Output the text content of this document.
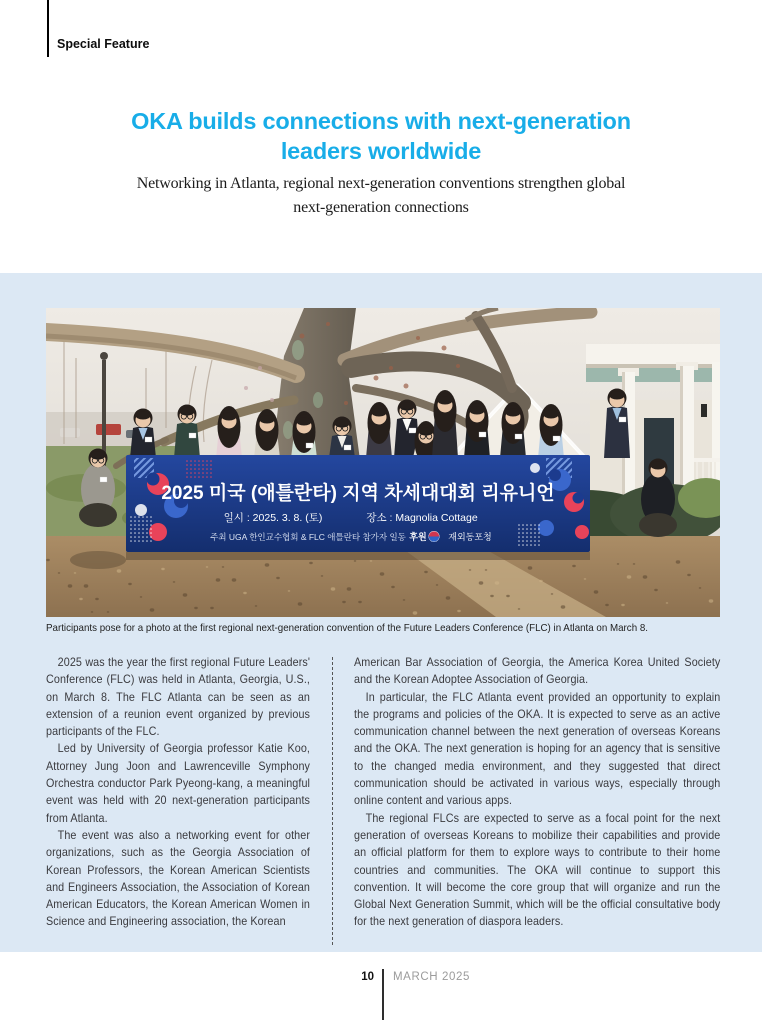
Special Feature
OKA builds connections with next-generation
leaders worldwide
Networking in Atlanta, regional next-generation conventions strengthen global
next-generation connections
2025 미국 (애틀란타) 지역 차세대대회 리유니언
일시 : 2025. 3. 8. (토)	장소 : Magnolia Cottage
주최 UGA 한인교수협회 & FLC 애틀란타 참가자 일동 후원 재외동포청
Participants pose for a photo at the first regional next-generation convention of the Future Leaders Conference (FLC) in Atlanta on March 8.

2025 was the year the first regional Future Leaders' Conference (FLC) was held in Atlanta, Georgia, U.S., on March 8. The FLC Atlanta can be seen as an extension of a reunion event organized by previous participants of the FLC.

Led by University of Georgia professor Katie Koo, Attorney Jung Joon and Lawrenceville Symphony Orchestra conductor Park Pyeong-kang, a meaningful event was held with 20 next-generation participants from Atlanta.

The event was also a networking event for other organizations, such as the Georgia Association of Korean Professors, the Korean American Scientists and Engineers Association, the Association of Korean American Educators, the Korean American Women in Science and Engineering association, the Korean

American Bar Association of Georgia, the America Korea United Society and the Korean Adoptee Association of Georgia.

In particular, the FLC Atlanta event provided an opportunity to explain the programs and policies of the OKA. It is expected to serve as an active communication channel between the next generation of overseas Koreans and the OKA. The next generation is hoping for an agency that is sensitive to the changed media environment, and they suggested that direct communication should be activated in various ways, especially through online content and various apps.

The regional FLCs are expected to serve as a focal point for the next generation of overseas Koreans to mobilize their capabilities and provide an official platform for them to explore ways to contribute to their home countries and communities. The OKA will continue to support this convention. It will become the core group that will organize and run the Global Next Generation Summit, which will be the official consultative body for the next generation of diaspora leaders.

10 MARCH 2025
